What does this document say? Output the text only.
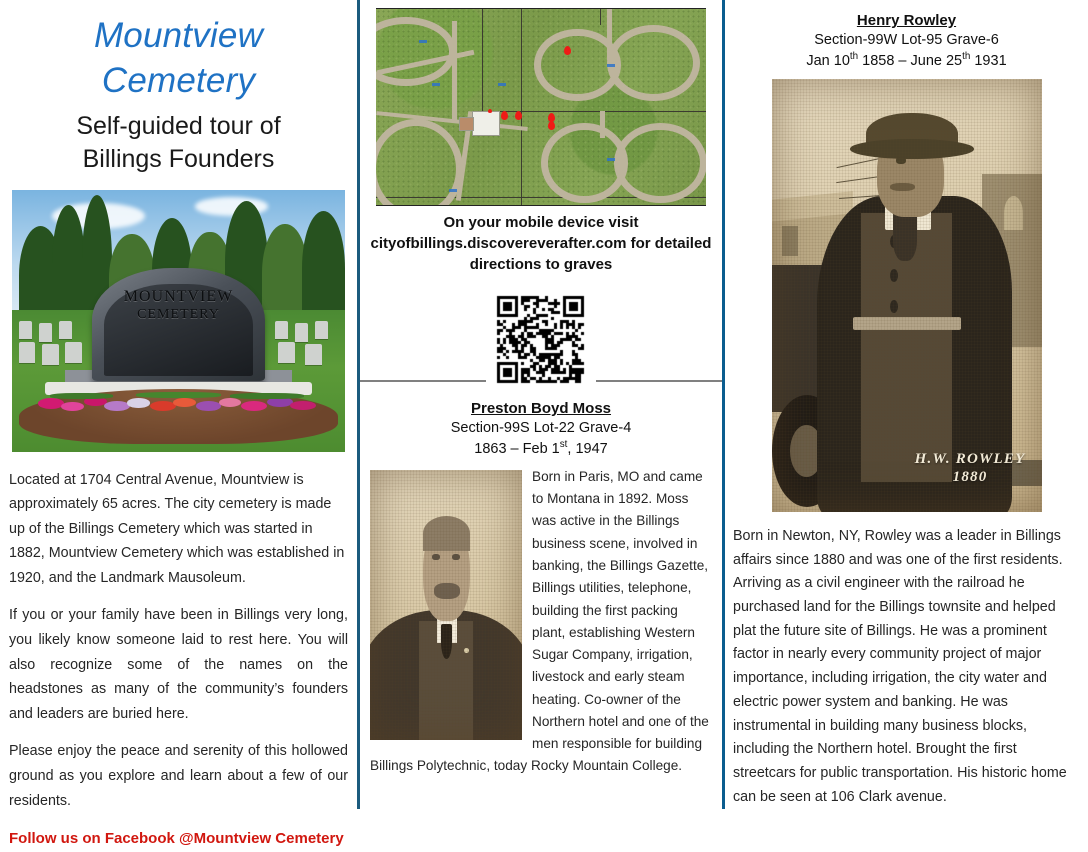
Mountview
Cemetery
Self-guided tour of
Billings Founders
MOUNTVIEW
CEMETERY

Located at 1704 Central Avenue, Mountview is approximately 65 acres. The city cemetery is made up of the Billings Cemetery which was started in 1882, Mountview Cemetery which was established in 1920, and the Landmark Mausoleum.

If you or your family have been in Billings very long, you likely know someone laid to rest here. You will also recognize some of the names on the headstones as many of the community’s founders and leaders are buried here.

Please enjoy the peace and serenity of this hollowed ground as you explore and learn about a few of our residents.

Follow us on Facebook @Mountview Cemetery

On your mobile device visit
cityofbillings.discovereverafter.com for detailed
directions to graves
Preston Boyd Moss
Section-99S Lot-22 Grave-4
1863 – Feb 1st, 1947
Born in Paris, MO and came to Montana in 1892. Moss was active in the Billings business scene, involved in banking, the Billings Gazette, Billings utilities, telephone, building the first packing plant, establishing Western Sugar Company, irrigation, livestock and early steam heating. Co-owner of the Northern hotel and one of the men responsible for building Billings Polytechnic, today Rocky Mountain College.
Henry Rowley
Section-99W Lot-95 Grave-6
Jan 10th 1858 – June 25th 1931
H.W. ROWLEY
1880
Born in Newton, NY, Rowley was a leader in Billings affairs since 1880 and was one of the first residents. Arriving as a civil engineer with the railroad he purchased land for the Billings townsite and helped plat the future site of Billings. He was a prominent factor in nearly every community project of major importance, including irrigation, the city water and electric power system and banking. He was instrumental in building many business blocks, including the Northern hotel. Brought the first streetcars for public transportation. His historic home can be seen at 106 Clark avenue.
